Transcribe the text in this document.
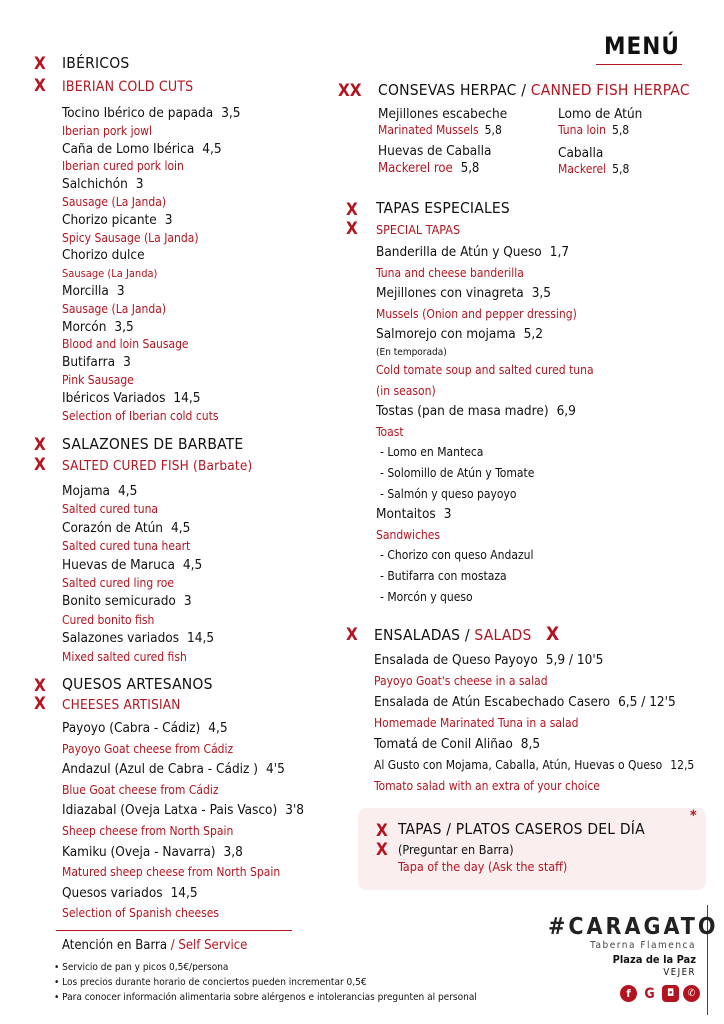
MENÚ
X
X
IBÉRICOS
IBERIAN COLD CUTS
Tocino Ibérico de papada 3,5
Iberian pork jowl
Caña de Lomo Ibérica 4,5
Iberian cured pork loin
Salchichón 3
Sausage (La Janda)
Chorizo picante 3
Spicy Sausage (La Janda)
Chorizo dulce
Sausage (La Janda)
Morcilla 3
Sausage (La Janda)
Morcón 3,5
Blood and loin Sausage
Butifarra 3
Pink Sausage
Ibéricos Variados 14,5
Selection of Iberian cold cuts
X
X
SALAZONES DE BARBATE
SALTED CURED FISH (Barbate)
Mojama 4,5
Salted cured tuna
Corazón de Atún 4,5
Salted cured tuna heart
Huevas de Maruca 4,5
Salted cured ling roe
Bonito semicurado 3
Cured bonito fish
Salazones variados 14,5
Mixed salted cured fish
X
X
QUESOS ARTESANOS
CHEESES ARTISIAN
Payoyo (Cabra - Cádiz) 4,5
Payoyo Goat cheese from Cádiz
Andazul (Azul de Cabra - Cádiz ) 4'5
Blue Goat cheese from Cádiz
Idiazabal (Oveja Latxa - Pais Vasco) 3'8
Sheep cheese from North Spain
Kamiku (Oveja - Navarra) 3,8
Matured sheep cheese from North Spain
Quesos variados 14,5
Selection of Spanish cheeses
Atención en Barra / Self Service
• Servicio de pan y picos 0,5€/persona
• Los precios durante horario de conciertos pueden incrementar 0,5€
• Para conocer información alimentaria sobre alérgenos e intolerancias pregunten al personal
XX CONSEVAS HERPAC / CANNED FISH HERPAC
Mejillones escabeche
Marinated Mussels 5,8
Lomo de Atún
Tuna loin 5,8
Huevas de Caballa
Mackerel roe 5,8
Caballa
Mackerel 5,8
X
X
TAPAS ESPECIALES
SPECIAL TAPAS
Banderilla de Atún y Queso 1,7
Tuna and cheese banderilla
Mejillones con vinagreta 3,5
Mussels (Onion and pepper dressing)
Salmorejo con mojama 5,2
(En temporada)
Cold tomate soup and salted cured tuna
(in season)
Tostas (pan de masa madre) 6,9
Toast
- Lomo en Manteca
- Solomillo de Atún y Tomate
- Salmón y queso payoyo
Montaitos 3
Sandwiches
- Chorizo con queso Andazul
- Butifarra con mostaza
- Morcón y queso
X ENSALADAS / SALADS X
Ensalada de Queso Payoyo 5,9 / 10'5
Payoyo Goat's cheese in a salad
Ensalada de Atún Escabechado Casero 6,5 / 12'5
Homemade Marinated Tuna in a salad
Tomatá de Conil Aliñao 8,5
Al Gusto con Mojama, Caballa, Atún, Huevas o Queso 12,5
Tomato salad with an extra of your choice
*
X
X
TAPAS / PLATOS CASEROS DEL DÍA
(Preguntar en Barra)
Tapa of the day (Ask the staff)
#CARAGATO
Taberna Flamenca
Plaza de la Paz
VEJER
f G	◘	✆
